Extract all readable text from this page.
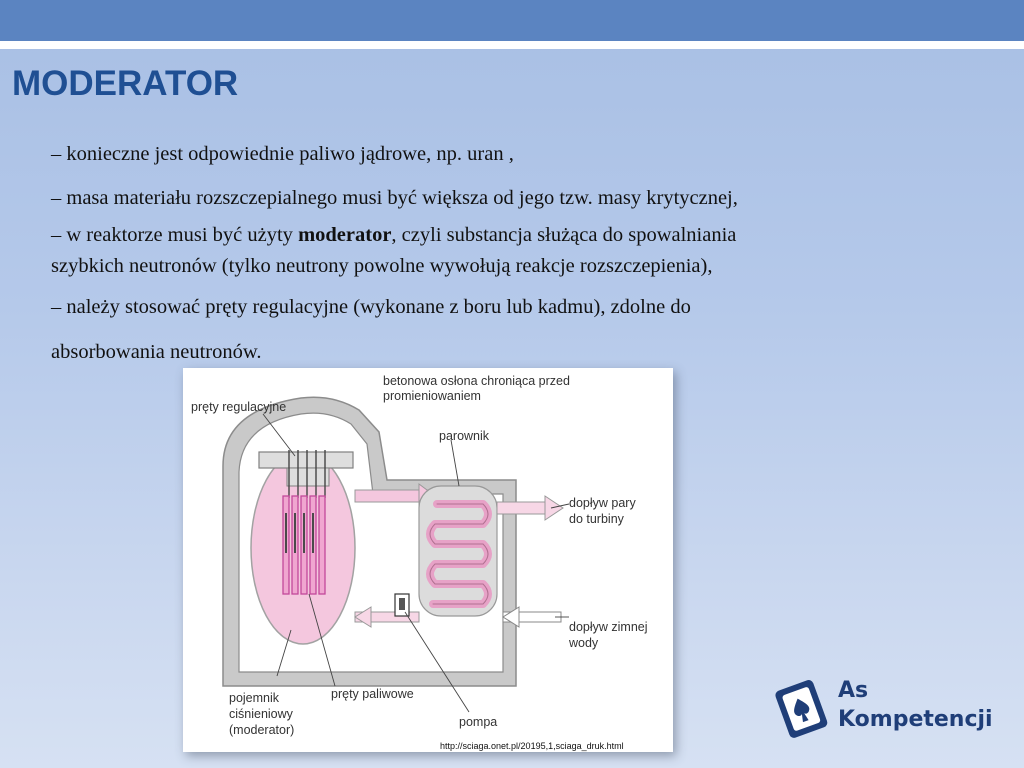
MODERATOR
– konieczne jest odpowiednie paliwo jądrowe, np. uran ,
– masa materiału rozszczepialnego musi być większa od jego tzw. masy krytycznej,
– w reaktorze musi być użyty moderator, czyli substancja służąca do spowalniania
szybkich neutronów (tylko neutrony powolne wywołują reakcje rozszczepienia),
– należy stosować pręty regulacyjne (wykonane z boru lub kadmu), zdolne do
absorbowania neutronów.
betonowa osłona chroniąca przed
promieniowaniem
pręty regulacyjne
parownik
dopływ pary
do turbiny
dopływ zimnej
wody
pojemnik
ciśnieniowy
(moderator)
pręty paliwowe
pompa
http://sciaga.onet.pl/20195,1,sciaga_druk.html
As
Kompetencji
